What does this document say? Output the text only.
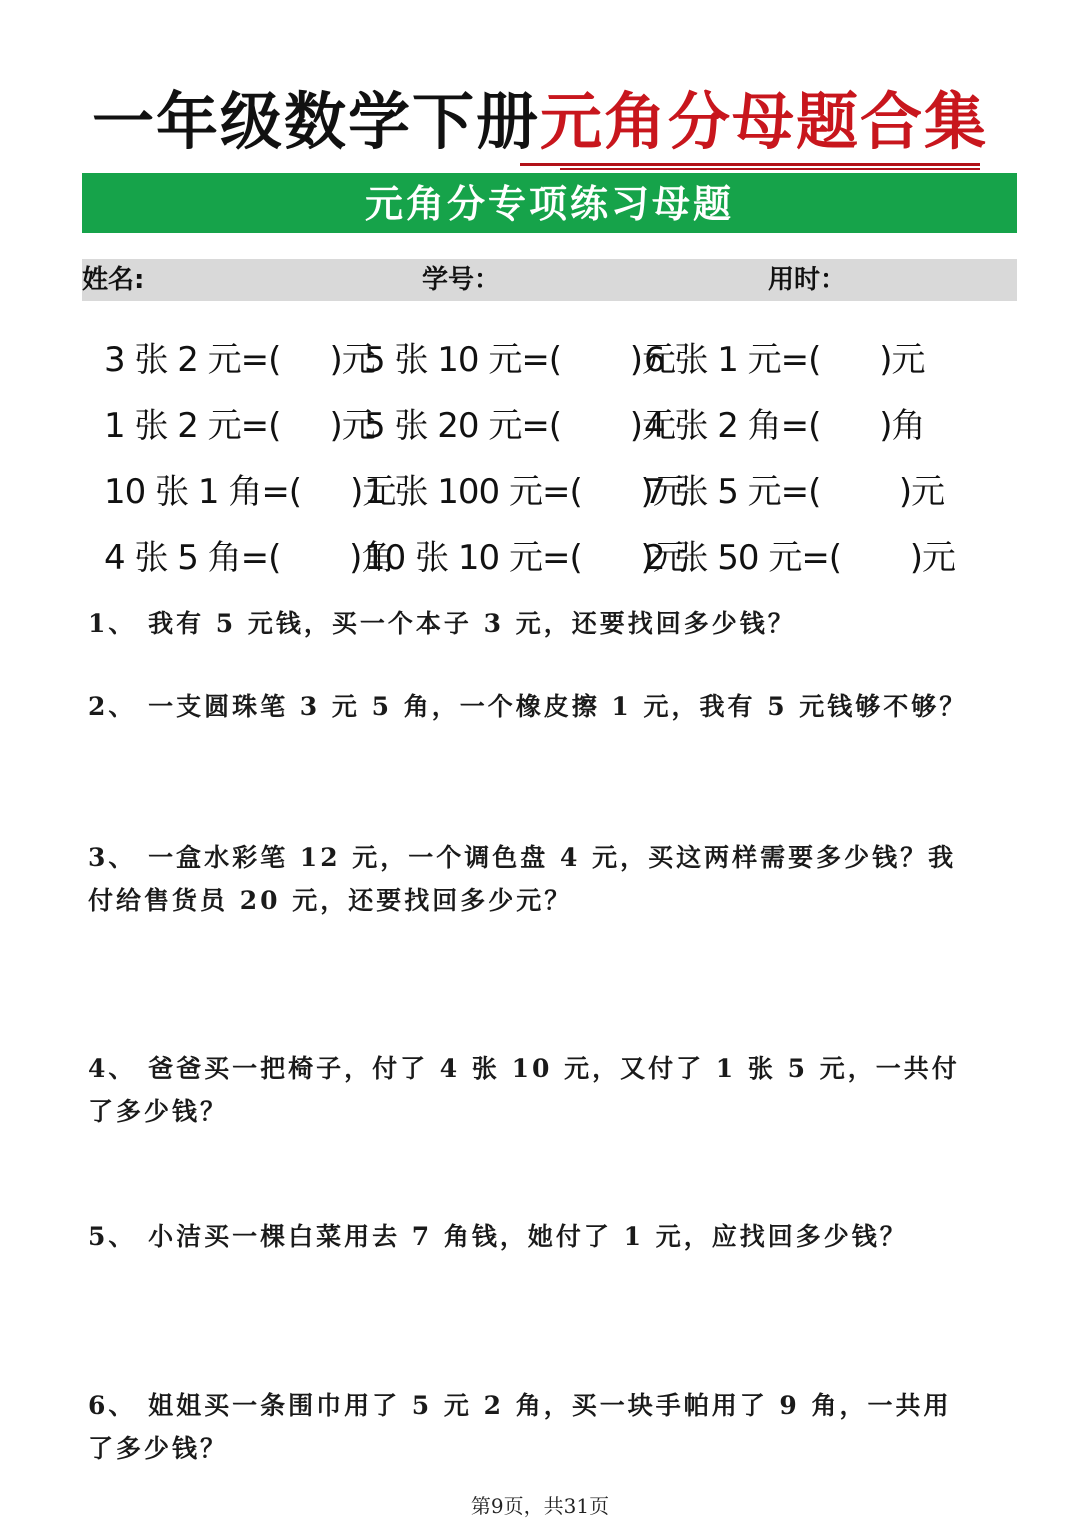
一年级数学下册元角分母题合集
元角分专项练习母题
姓名:	学号：	用时：
3 张 2 元=(     )元
5 张 10 元=(       )元
6 张 1 元=(      )元
1 张 2 元=(     )元
5 张 20 元=(       )元
4 张 2 角=(      )角
10 张 1 角=(     )元
1 张 100 元=(      )元
7 张 5 元=(        )元
4 张 5 角=(       )角
10 张 10 元=(      )元
2 张 50 元=(       )元
1、 我有 5 元钱，买一个本子 3 元，还要找回多少钱？
2、 一支圆珠笔 3 元 5 角，一个橡皮擦 1 元，我有 5 元钱够不够？
3、 一盒水彩笔 12 元，一个调色盘 4 元，买这两样需要多少钱？我付给售货员 20 元，还要找回多少元？
4、 爸爸买一把椅子，付了 4 张 10 元，又付了 1 张 5 元，一共付了多少钱？
5、 小洁买一棵白菜用去 7 角钱，她付了 1 元，应找回多少钱？
6、 姐姐买一条围巾用了 5 元 2 角，买一块手帕用了 9 角，一共用了多少钱？
第9页，共31页
